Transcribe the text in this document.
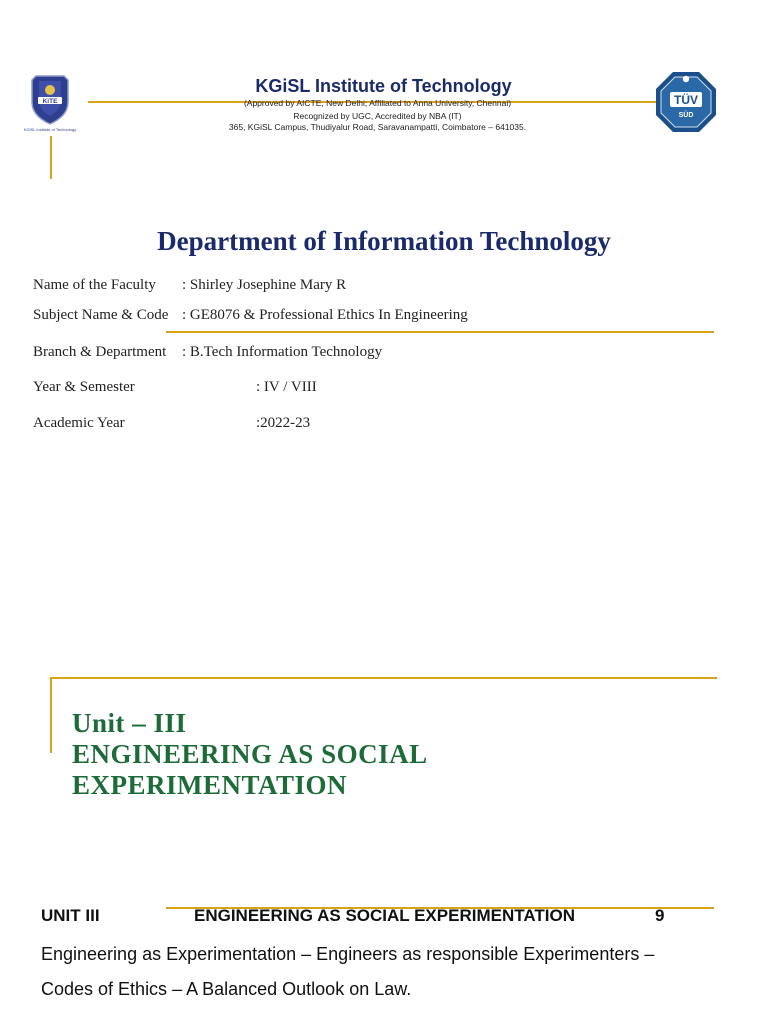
KiTE
KGiSL Institute of Technology
TÜV
SÜD
KGiSL Institute of Technology
(Approved by AICTE, New Delhi; Affiliated to Anna University, Chennai)
Recognized by UGC, Accredited by NBA (IT)
365, KGiSL Campus, Thudiyalur Road, Saravanampatti, Coimbatore – 641035.
Department of Information Technology
Name of the Faculty : Shirley Josephine Mary R
Subject Name & Code : GE8076 & Professional Ethics In Engineering
Branch & Department : B.Tech Information Technology
Year & Semester	: IV / VIII
Academic Year	:2022-23
Unit – III
ENGINEERING AS SOCIAL
EXPERIMENTATION
UNIT III	ENGINEERING AS SOCIAL EXPERIMENTATION	9
Engineering as Experimentation – Engineers as responsible Experimenters –
Codes of Ethics – A Balanced Outlook on Law.
